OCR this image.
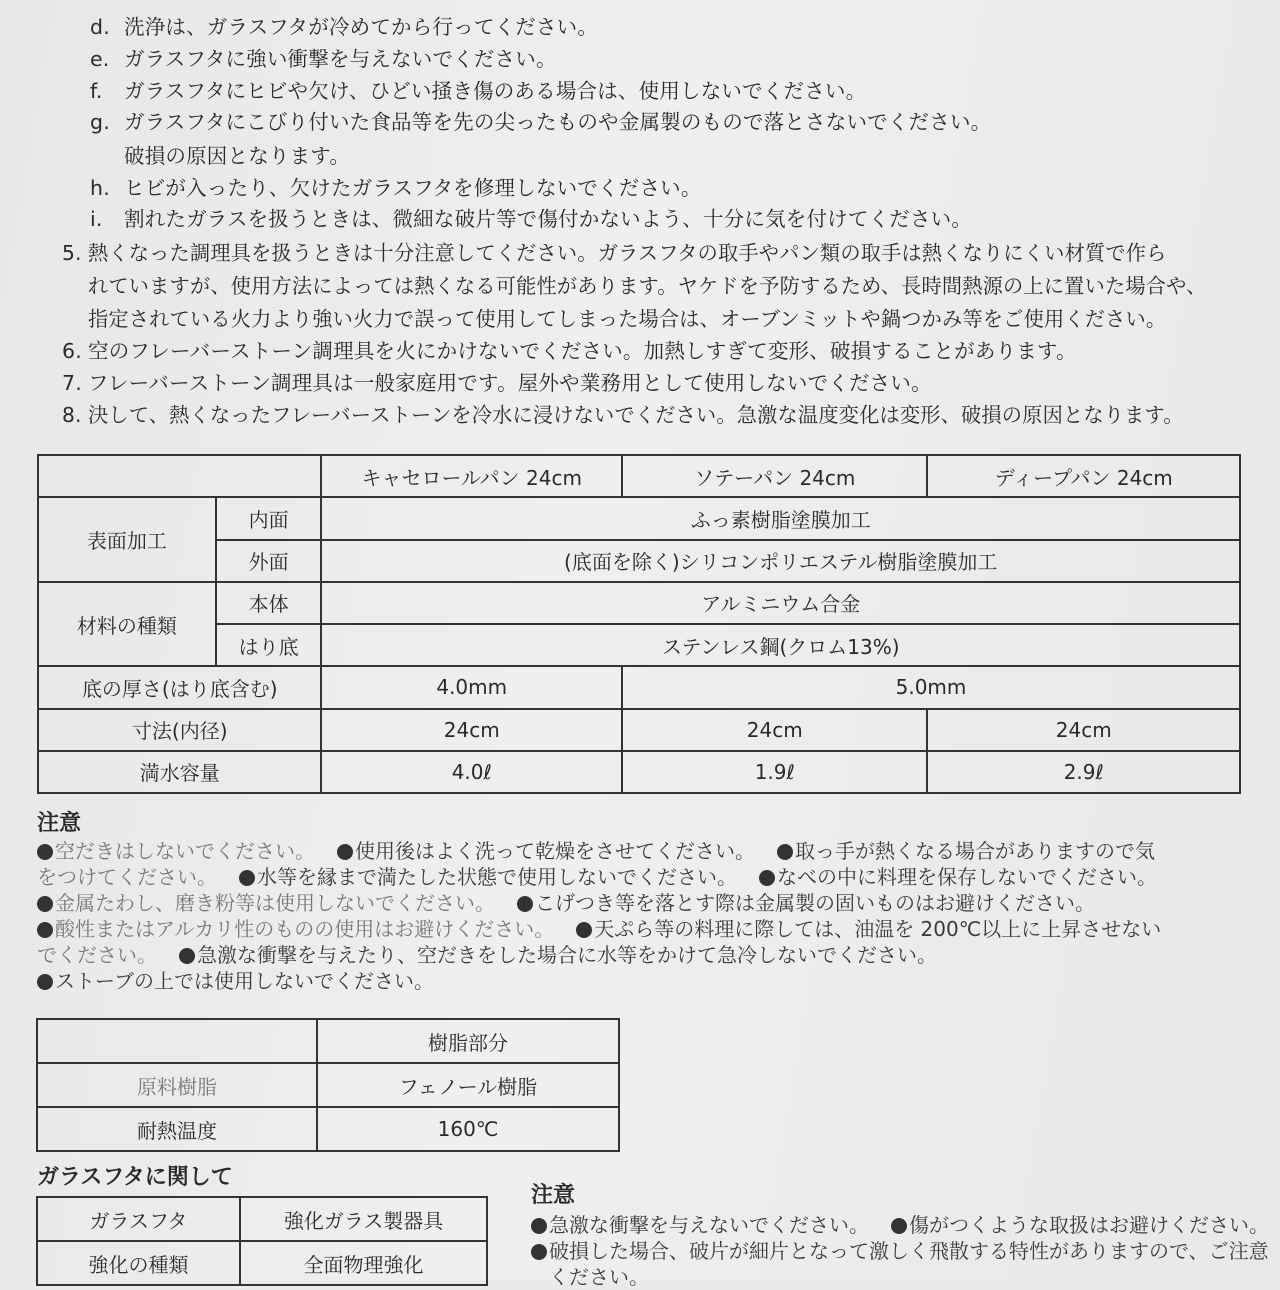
d. 洗浄は、ガラスフタが冷めてから行ってください。
e. ガラスフタに強い衝撃を与えないでください。
f. ガラスフタにヒビや欠け、ひどい掻き傷のある場合は、使用しないでください。
g. ガラスフタにこびり付いた食品等を先の尖ったものや金属製のもので落とさないでください。
破損の原因となります。
h. ヒビが入ったり、欠けたガラスフタを修理しないでください。
i. 割れたガラスを扱うときは、微細な破片等で傷付かないよう、十分に気を付けてください。
5. 熱くなった調理具を扱うときは十分注意してください。ガラスフタの取手やパン類の取手は熱くなりにくい材質で作ら
れていますが、使用方法によっては熱くなる可能性があります。ヤケドを予防するため、長時間熱源の上に置いた場合や、
指定されている火力より強い火力で誤って使用してしまった場合は、オーブンミットや鍋つかみ等をご使用ください。
6. 空のフレーバーストーン調理具を火にかけないでください。加熱しすぎて変形、破損することがあります。
7. フレーバーストーン調理具は一般家庭用です。屋外や業務用として使用しないでください。
8. 決して、熱くなったフレーバーストーンを冷水に浸けないでください。急激な温度変化は変形、破損の原因となります。
		キャセロールパン 24cm	ソテーパン 24cm	ディープパン 24cm
表面加工	内面	ふっ素樹脂塗膜加工		
	外面	(底面を除く)シリコンポリエステル樹脂塗膜加工		
材料の種類	本体	アルミニウム合金		
	はり底	ステンレス鋼(クロム13%)		
底の厚さ(はり底含む)		4.0mm	5.0mm	
寸法(内径)		24cm	24cm	24cm
満水容量		4.0ℓ	1.9ℓ	2.9ℓ
注意
空だきはしないでください。 使用後はよく洗って乾燥をさせてください。 取っ手が熱くなる場合がありますので気
をつけてください。 水等を縁まで満たした状態で使用しないでください。 なべの中に料理を保存しないでください。
金属たわし、磨き粉等は使用しないでください。 こげつき等を落とす際は金属製の固いものはお避けください。
酸性またはアルカリ性のものの使用はお避けください。 天ぷら等の料理に際しては、油温を 200℃以上に上昇させない
でください。 急激な衝撃を与えたり、空だきをした場合に水等をかけて急冷しないでください。
ストーブの上では使用しないでください。
	樹脂部分
原料樹脂	フェノール樹脂
耐熱温度	160℃
ガラスフタに関して
ガラスフタ	強化ガラス製器具
強化の種類	全面物理強化
注意
急激な衝撃を与えないでください。 傷がつくような取扱はお避けください。
破損した場合、破片が細片となって激しく飛散する特性がありますので、ご注意
ください。
